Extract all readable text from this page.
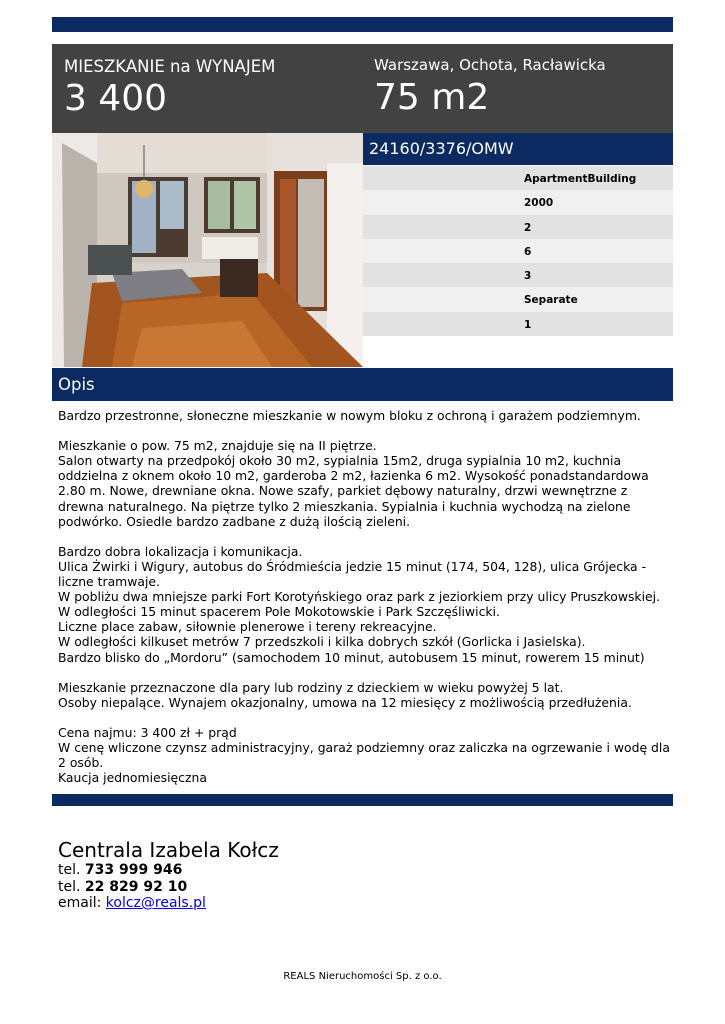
MIESZKANIE na WYNAJEM
3 400
Warszawa, Ochota, Racławicka
75 m2
24160/3376/OMW
ApartmentBuilding
2000
2
6
3
Separate
1
Opis
Bardzo przestronne, słoneczne mieszkanie w nowym bloku z ochroną i garażem podziemnym.

Mieszkanie o pow. 75 m2, znajduje się na II piętrze.
Salon otwarty na przedpokój około 30 m2, sypialnia 15m2, druga sypialnia 10 m2, kuchnia oddzielna z oknem około 10 m2, garderoba 2 m2, łazienka 6 m2. Wysokość ponadstandardowa 2.80 m. Nowe, drewniane okna. Nowe szafy, parkiet dębowy naturalny, drzwi wewnętrzne z drewna naturalnego. Na piętrze tylko 2 mieszkania. Sypialnia i kuchnia wychodzą na zielone podwórko. Osiedle bardzo zadbane z dużą ilością zieleni.

Bardzo dobra lokalizacja i komunikacja.
Ulica Żwirki i Wigury, autobus do Śródmieścia jedzie 15 minut (174, 504, 128), ulica Grójecka - liczne tramwaje.
W pobliżu dwa mniejsze parki Fort Korotyńskiego oraz park z jeziorkiem przy ulicy Pruszkowskiej.
W odległości 15 minut spacerem Pole Mokotowskie i Park Szczęśliwicki.
Liczne place zabaw, siłownie plenerowe i tereny rekreacyjne.
W odległości kilkuset metrów 7 przedszkoli i kilka dobrych szkół (Gorlicka i Jasielska).
Bardzo blisko do „Mordoru” (samochodem 10 minut, autobusem 15 minut, rowerem 15 minut)

Mieszkanie przeznaczone dla pary lub rodziny z dzieckiem w wieku powyżej 5 lat.
Osoby niepalące. Wynajem okazjonalny, umowa na 12 miesięcy z możliwością przedłużenia.

Cena najmu: 3 400 zł + prąd
W cenę wliczone czynsz administracyjny, garaż podziemny oraz zaliczka na ogrzewanie i wodę dla 2 osób.
Kaucja jednomiesięczna
Centrala Izabela Kołcz
tel. 733 999 946
tel. 22 829 92 10
email: kolcz@reals.pl
REALS Nieruchomości Sp. z o.o.
